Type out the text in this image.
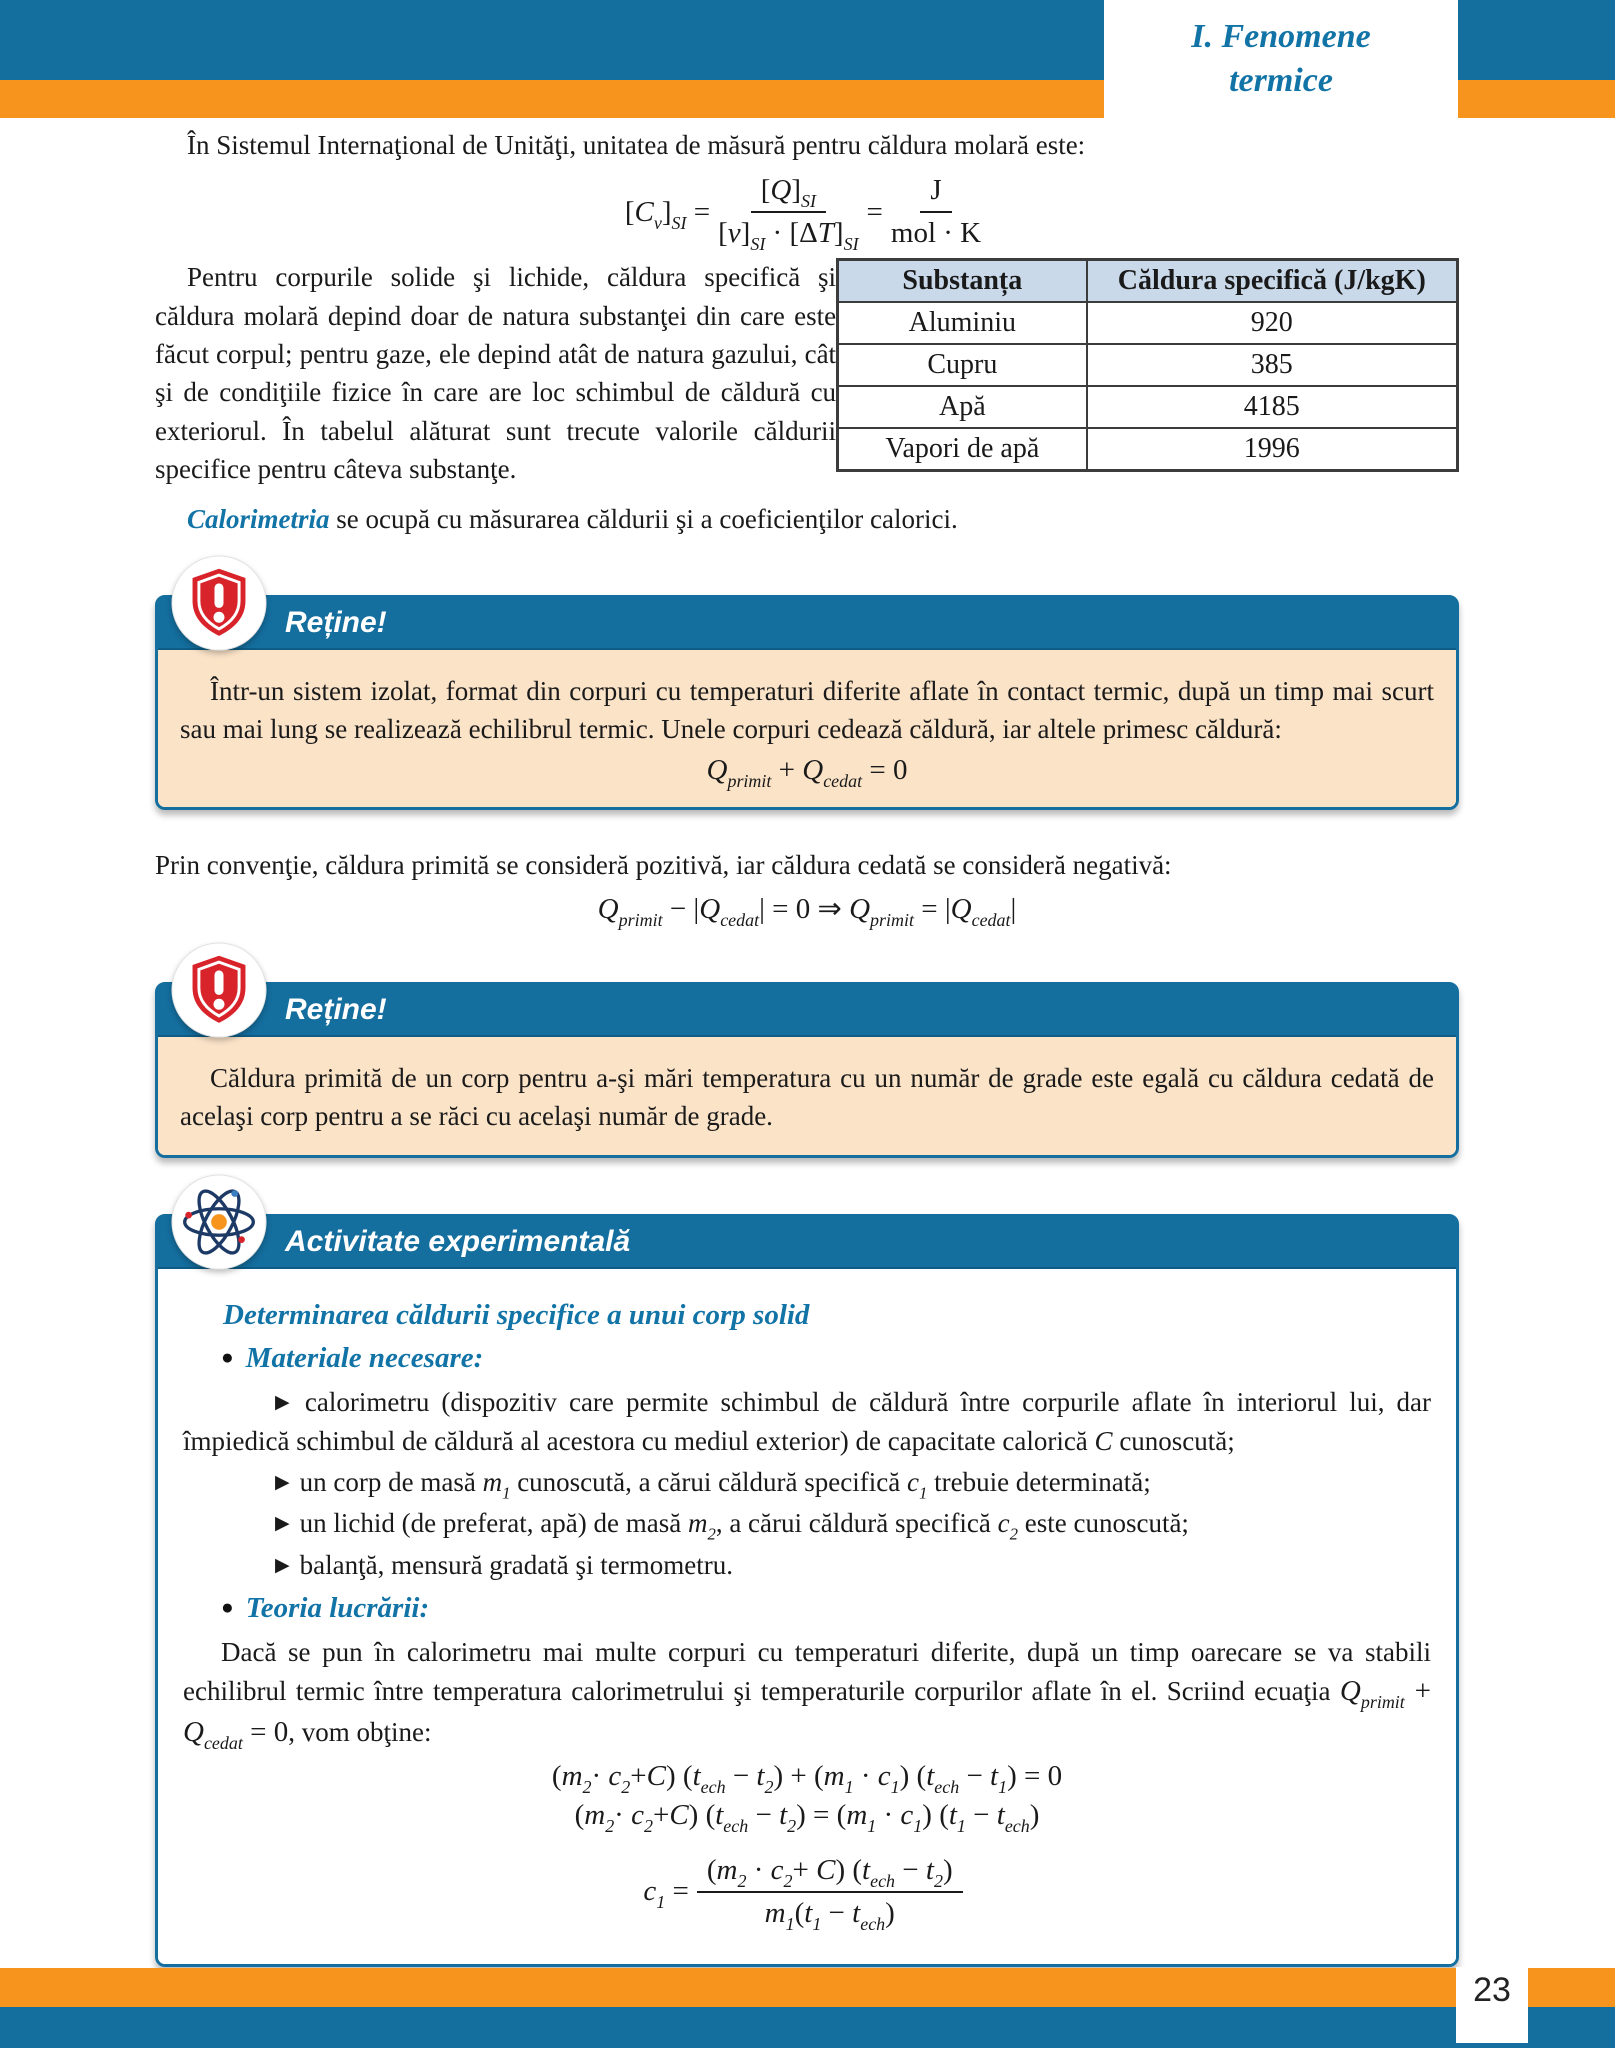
I. Fenomene
termice

În Sistemul Internaţional de Unităţi, unitatea de măsură pentru căldura molară este:

$[C_v]_{SI} = \frac{[Q]_{SI}}{[v]_{SI} \cdot [\Delta T]_{SI}} = \frac{J}{\text{mol · K}}$

Pentru corpurile solide şi lichide, căldura specifică şi căldura molară depind doar de natura substanţei din care este făcut corpul; pentru gaze, ele depind atât de natura gazului, cât şi de condiţiile fizice în care are loc schimbul de căldură cu exteriorul. În tabelul alăturat sunt trecute valorile căldurii specifice pentru câteva substanţe.

Substanța	Căldura specifică (J/kgK)
Aluminiu	920
Cupru	385
Apă	4185
Vapori de apă	1996

Calorimetria se ocupă cu măsurarea căldurii şi a coeficienţilor calorici.

Reține!

Într-un sistem izolat, format din corpuri cu temperaturi diferite aflate în contact termic, după un timp mai scurt sau mai lung se realizează echilibrul termic. Unele corpuri cedează căldură, iar altele primesc căldură:

$Q_{primit} + Q_{cedat} = 0$

Prin convenţie, căldura primită se consideră pozitivă, iar căldura cedată se consideră negativă:

$Q_{primit} - |Q_{cedat}| = 0$ ⇒ $Q_{primit} = |Q_{cedat}|$
Reține!

Căldura primită de un corp pentru a-şi mări temperatura cu un număr de grade este egală cu căldura cedată de acelaşi corp pentru a se răci cu acelaşi număr de grade.

Activitate experimentală

Determinarea căldurii specifice a unui corp solid

● Materiale necesare:

▶ calorimetru (dispozitiv care permite schimbul de căldură între corpurile aflate în interiorul lui, dar împiedică schimbul de căldură al acestora cu mediul exterior) de capacitate calorică C cunoscută;

▶ un corp de masă $m_1$ cunoscută, a cărui căldură specifică $c_1$ trebuie determinată;

▶ un lichid (de preferat, apă) de masă $m_2$, a cărui căldură specifică $c_2$ este cunoscută;

▶ balanţă, mensură gradată şi termometru.

● Teoria lucrării:

Dacă se pun în calorimetru mai multe corpuri cu temperaturi diferite, după un timp oarecare se va stabili echilibrul termic între temperatura calorimetrului şi temperaturile corpurilor aflate în el. Scriind ecuaţia $Q_{primit} + Q_{cedat} = 0$, vom obţine:

$(m_2\cdot c_2+C) (t_{ech} - t_2) + (m_1 \cdot c_1) (t_{ech} - t_1) = 0$
$(m_2\cdot c_2+C) (t_{ech} - t_2) = (m_1 \cdot c_1) (t_1 - t_{ech})$
$c_1 = \frac{(m_2 \cdot c_2+ C) (t_{ech} - t_2)}{m_1(t_1 - t_{ech})}$
23
